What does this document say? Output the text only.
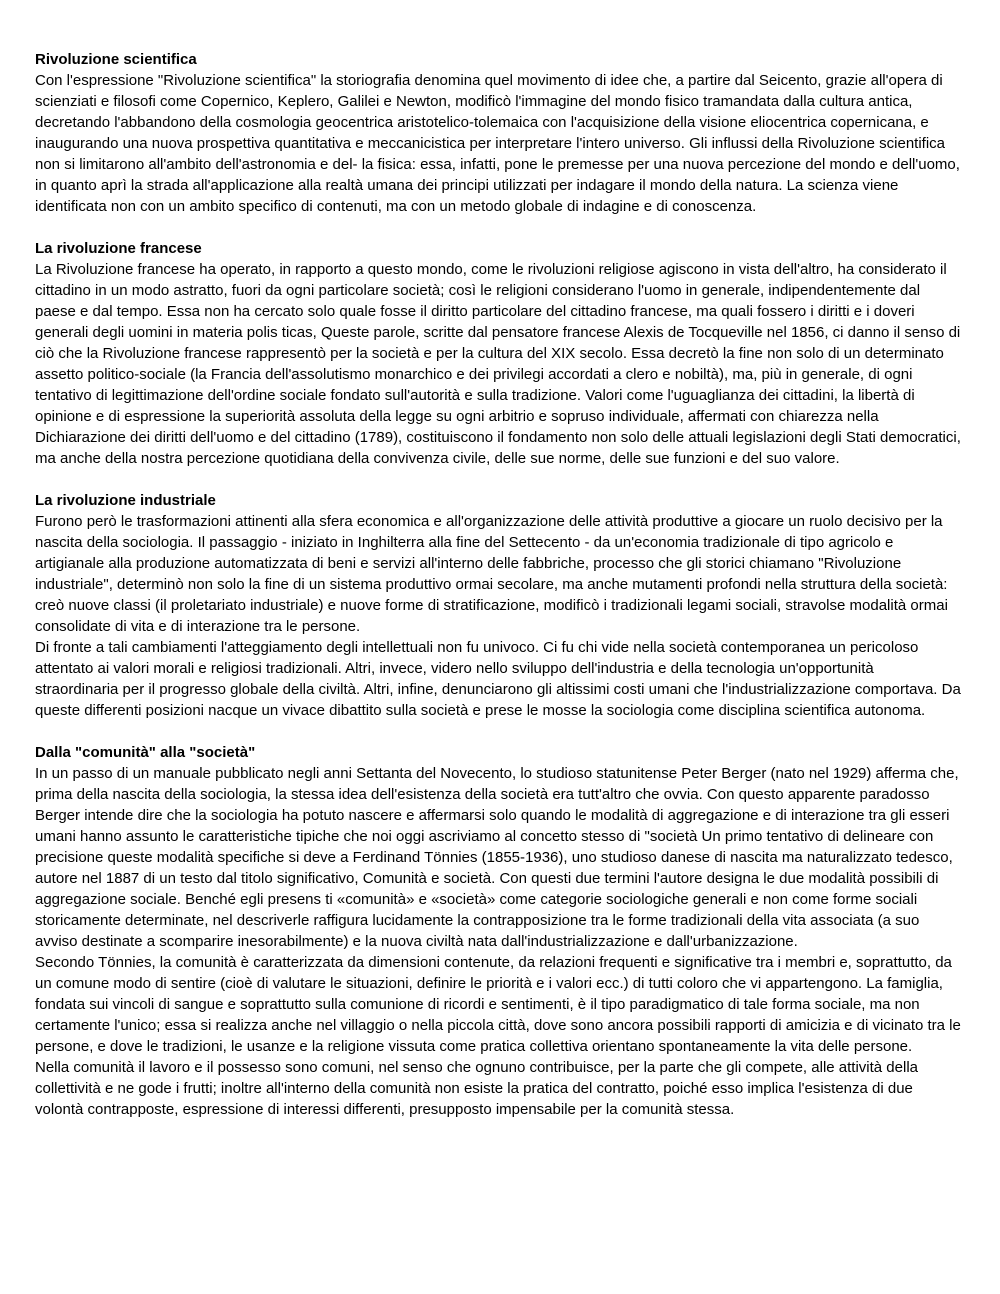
Rivoluzione scientifica

Con l'espressione "Rivoluzione scientifica" la storiografia denomina quel movimento di idee che, a partire dal Seicento, grazie all'opera di scienziati e filosofi come Copernico, Keplero, Galilei e Newton, modificò l'immagine del mondo fisico tramandata dalla cultura antica, decretando l'abbandono della cosmologia geocentrica aristotelico-tolemaica con l'acquisizione della visione eliocentrica copernicana, e inaugurando una nuova prospettiva quantitativa e meccanicistica per interpretare l'intero universo. Gli influssi della Rivoluzione scientifica non si limitarono all'ambito dell'astronomia e del- la fisica: essa, infatti, pone le premesse per una nuova percezione del mondo e dell'uomo, in quanto aprì la strada all'applicazione alla realtà umana dei principi utilizzati per indagare il mondo della natura. La scienza viene identificata non con un ambito specifico di contenuti, ma con un metodo globale di indagine e di conoscenza.

La rivoluzione francese

La Rivoluzione francese ha operato, in rapporto a questo mondo, come le rivoluzioni religiose agiscono in vista dell'altro, ha considerato il cittadino in un modo astratto, fuori da ogni particolare società; così le religioni considerano l'uomo in generale, indipendentemente dal paese e dal tempo. Essa non ha cercato solo quale fosse il diritto particolare del cittadino francese, ma quali fossero i diritti e i doveri generali degli uomini in materia polis ticas, Queste parole, scritte dal pensatore francese Alexis de Tocqueville nel 1856, ci danno il senso di ciò che la Rivoluzione francese rappresentò per la società e per la cultura del XIX secolo. Essa decretò la fine non solo di un determinato assetto politico-sociale (la Francia dell'assolutismo monarchico e dei privilegi accordati a clero e nobiltà), ma, più in generale, di ogni tentativo di legittimazione dell'ordine sociale fondato sull'autorità e sulla tradizione. Valori come l'uguaglianza dei cittadini, la libertà di opinione e di espressione la superiorità assoluta della legge su ogni arbitrio e sopruso individuale, affermati con chiarezza nella Dichiarazione dei diritti dell'uomo e del cittadino (1789), costituiscono il fondamento non solo delle attuali legislazioni degli Stati democratici, ma anche della nostra percezione quotidiana della convivenza civile, delle sue norme, delle sue funzioni e del suo valore.

La rivoluzione industriale

Furono però le trasformazioni attinenti alla sfera economica e all'organizzazione delle attività produttive a giocare un ruolo decisivo per la nascita della sociologia. Il passaggio - iniziato in Inghilterra alla fine del Settecento - da un'economia tradizionale di tipo agricolo e artigianale alla produzione automatizzata di beni e servizi all'interno delle fabbriche, processo che gli storici chiamano "Rivoluzione industriale", determinò non solo la fine di un sistema produttivo ormai secolare, ma anche mutamenti profondi nella struttura della società: creò nuove classi (il proletariato industriale) e nuove forme di stratificazione, modificò i tradizionali legami sociali, stravolse modalità ormai consolidate di vita e di interazione tra le persone.

Di fronte a tali cambiamenti l'atteggiamento degli intellettuali non fu univoco. Ci fu chi vide nella società contemporanea un pericoloso attentato ai valori morali e religiosi tradizionali. Altri, invece, videro nello sviluppo dell'industria e della tecnologia un'opportunità straordinaria per il progresso globale della civiltà. Altri, infine, denunciarono gli altissimi costi umani che l'industrializzazione comportava. Da queste differenti posizioni nacque un vivace dibattito sulla società e prese le mosse la sociologia come disciplina scientifica autonoma.

Dalla "comunità" alla "società"

In un passo di un manuale pubblicato negli anni Settanta del Novecento, lo studioso statunitense Peter Berger (nato nel 1929) afferma che, prima della nascita della sociologia, la stessa idea dell'esistenza della società era tutt'altro che ovvia. Con questo apparente paradosso Berger intende dire che la sociologia ha potuto nascere e affermarsi solo quando le modalità di aggregazione e di interazione tra gli esseri umani hanno assunto le caratteristiche tipiche che noi oggi ascriviamo al concetto stesso di "società Un primo tentativo di delineare con precisione queste modalità specifiche si deve a Ferdinand Tönnies (1855-1936), uno studioso danese di nascita ma naturalizzato tedesco, autore nel 1887 di un testo dal titolo significativo, Comunità e società. Con questi due termini l'autore designa le due modalità possibili di aggregazione sociale. Benché egli presens ti «comunità» e «società» come categorie sociologiche generali e non come forme sociali storicamente determinate, nel descriverle raffigura lucidamente la contrapposizione tra le forme tradizionali della vita associata (a suo avviso destinate a scomparire inesorabilmente) e la nuova civiltà nata dall'industrializzazione e dall'urbanizzazione.

Secondo Tönnies, la comunità è caratterizzata da dimensioni contenute, da relazioni frequenti e significative tra i membri e, soprattutto, da un comune modo di sentire (cioè di valutare le situazioni, definire le priorità e i valori ecc.) di tutti coloro che vi appartengono. La famiglia, fondata sui vincoli di sangue e soprattutto sulla comunione di ricordi e sentimenti, è il tipo paradigmatico di tale forma sociale, ma non certamente l'unico; essa si realizza anche nel villaggio o nella piccola città, dove sono ancora possibili rapporti di amicizia e di vicinato tra le persone, e dove le tradizioni, le usanze e la religione vissuta come pratica collettiva orientano spontaneamente la vita delle persone.

Nella comunità il lavoro e il possesso sono comuni, nel senso che ognuno contribuisce, per la parte che gli compete, alle attività della collettività e ne gode i frutti; inoltre all'interno della comunità non esiste la pratica del contratto, poiché esso implica l'esistenza di due volontà contrapposte, espressione di interessi differenti, presupposto impensabile per la comunità stessa.
